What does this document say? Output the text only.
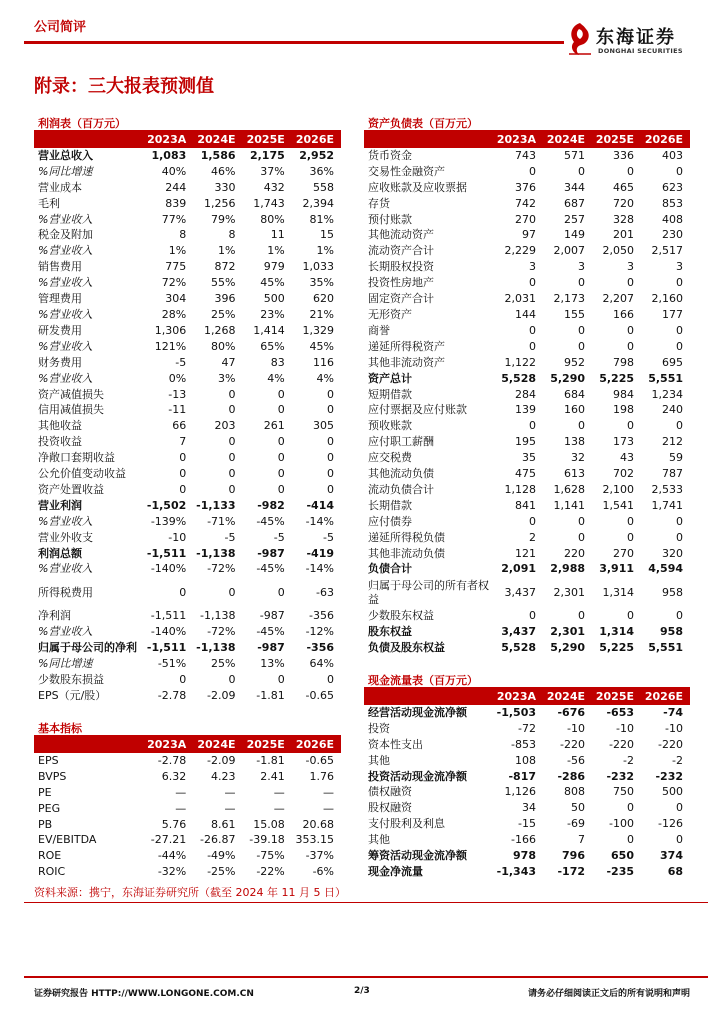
公司简评	东海证券
DONGHAI SECURITIES
附录：三大报表预测值
利润表（百万元）
	2023A	2024E	2025E	2026E
营业总收入	1,083	1,586	2,175	2,952
%同比增速	40%	46%	37%	36%
营业成本	244	330	432	558
毛利	839	1,256	1,743	2,394
%营业收入	77%	79%	80%	81%
税金及附加	8	8	11	15
%营业收入	1%	1%	1%	1%
销售费用	775	872	979	1,033
%营业收入	72%	55%	45%	35%
管理费用	304	396	500	620
%营业收入	28%	25%	23%	21%
研发费用	1,306	1,268	1,414	1,329
%营业收入	121%	80%	65%	45%
财务费用	-5	47	83	116
%营业收入	0%	3%	4%	4%
资产减值损失	-13	0	0	0
信用减值损失	-11	0	0	0
其他收益	66	203	261	305
投资收益	7	0	0	0
净敞口套期收益	0	0	0	0
公允价值变动收益	0	0	0	0
资产处置收益	0	0	0	0
营业利润	-1,502	-1,133	-982	-414
%营业收入	-139%	-71%	-45%	-14%
营业外收支	-10	-5	-5	-5
利润总额	-1,511	-1,138	-987	-419
%营业收入	-140%	-72%	-45%	-14%
所得税费用	0	0	0	-63
净利润	-1,511	-1,138	-987	-356
%营业收入	-140%	-72%	-45%	-12%
归属于母公司的净利	-1,511	-1,138	-987	-356
%同比增速	-51%	25%	13%	64%
少数股东损益	0	0	0	0
EPS（元/股）	-2.78	-2.09	-1.81	-0.65
基本指标
	2023A	2024E	2025E	2026E
EPS	-2.78	-2.09	-1.81	-0.65
BVPS	6.32	4.23	2.41	1.76
PE	—	—	—	—
PEG	—	—	—	—
PB	5.76	8.61	15.08	20.68
EV/EBITDA	-27.21	-26.87	-39.18	353.15
ROE	-44%	-49%	-75%	-37%
ROIC	-32%	-25%	-22%	-6%
资产负债表（百万元）
	2023A	2024E	2025E	2026E
货币资金	743	571	336	403
交易性金融资产	0	0	0	0
应收账款及应收票据	376	344	465	623
存货	742	687	720	853
预付账款	270	257	328	408
其他流动资产	97	149	201	230
流动资产合计	2,229	2,007	2,050	2,517
长期股权投资	3	3	3	3
投资性房地产	0	0	0	0
固定资产合计	2,031	2,173	2,207	2,160
无形资产	144	155	166	177
商誉	0	0	0	0
递延所得税资产	0	0	0	0
其他非流动资产	1,122	952	798	695
资产总计	5,528	5,290	5,225	5,551
短期借款	284	684	984	1,234
应付票据及应付账款	139	160	198	240
预收账款	0	0	0	0
应付职工薪酬	195	138	173	212
应交税费	35	32	43	59
其他流动负债	475	613	702	787
流动负债合计	1,128	1,628	2,100	2,533
长期借款	841	1,141	1,541	1,741
应付债券	0	0	0	0
递延所得税负债	2	0	0	0
其他非流动负债	121	220	270	320
负债合计	2,091	2,988	3,911	4,594
归属于母公司的所有者权益	3,437	2,301	1,314	958
少数股东权益	0	0	0	0
股东权益	3,437	2,301	1,314	958
负债及股东权益	5,528	5,290	5,225	5,551
现金流量表（百万元）
	2023A	2024E	2025E	2026E
经营活动现金流净额	-1,503	-676	-653	-74
投资	-72	-10	-10	-10
资本性支出	-853	-220	-220	-220
其他	108	-56	-2	-2
投资活动现金流净额	-817	-286	-232	-232
债权融资	1,126	808	750	500
股权融资	34	50	0	0
支付股利及利息	-15	-69	-100	-126
其他	-166	7	0	0
筹资活动现金流净额	978	796	650	374
现金净流量	-1,343	-172	-235	68
资料来源：携宁，东海证券研究所（截至 2024 年 11 月 5 日）
证券研究报告 HTTP://WWW.LONGONE.COM.CN	2/3	请务必仔细阅读正文后的所有说明和声明
